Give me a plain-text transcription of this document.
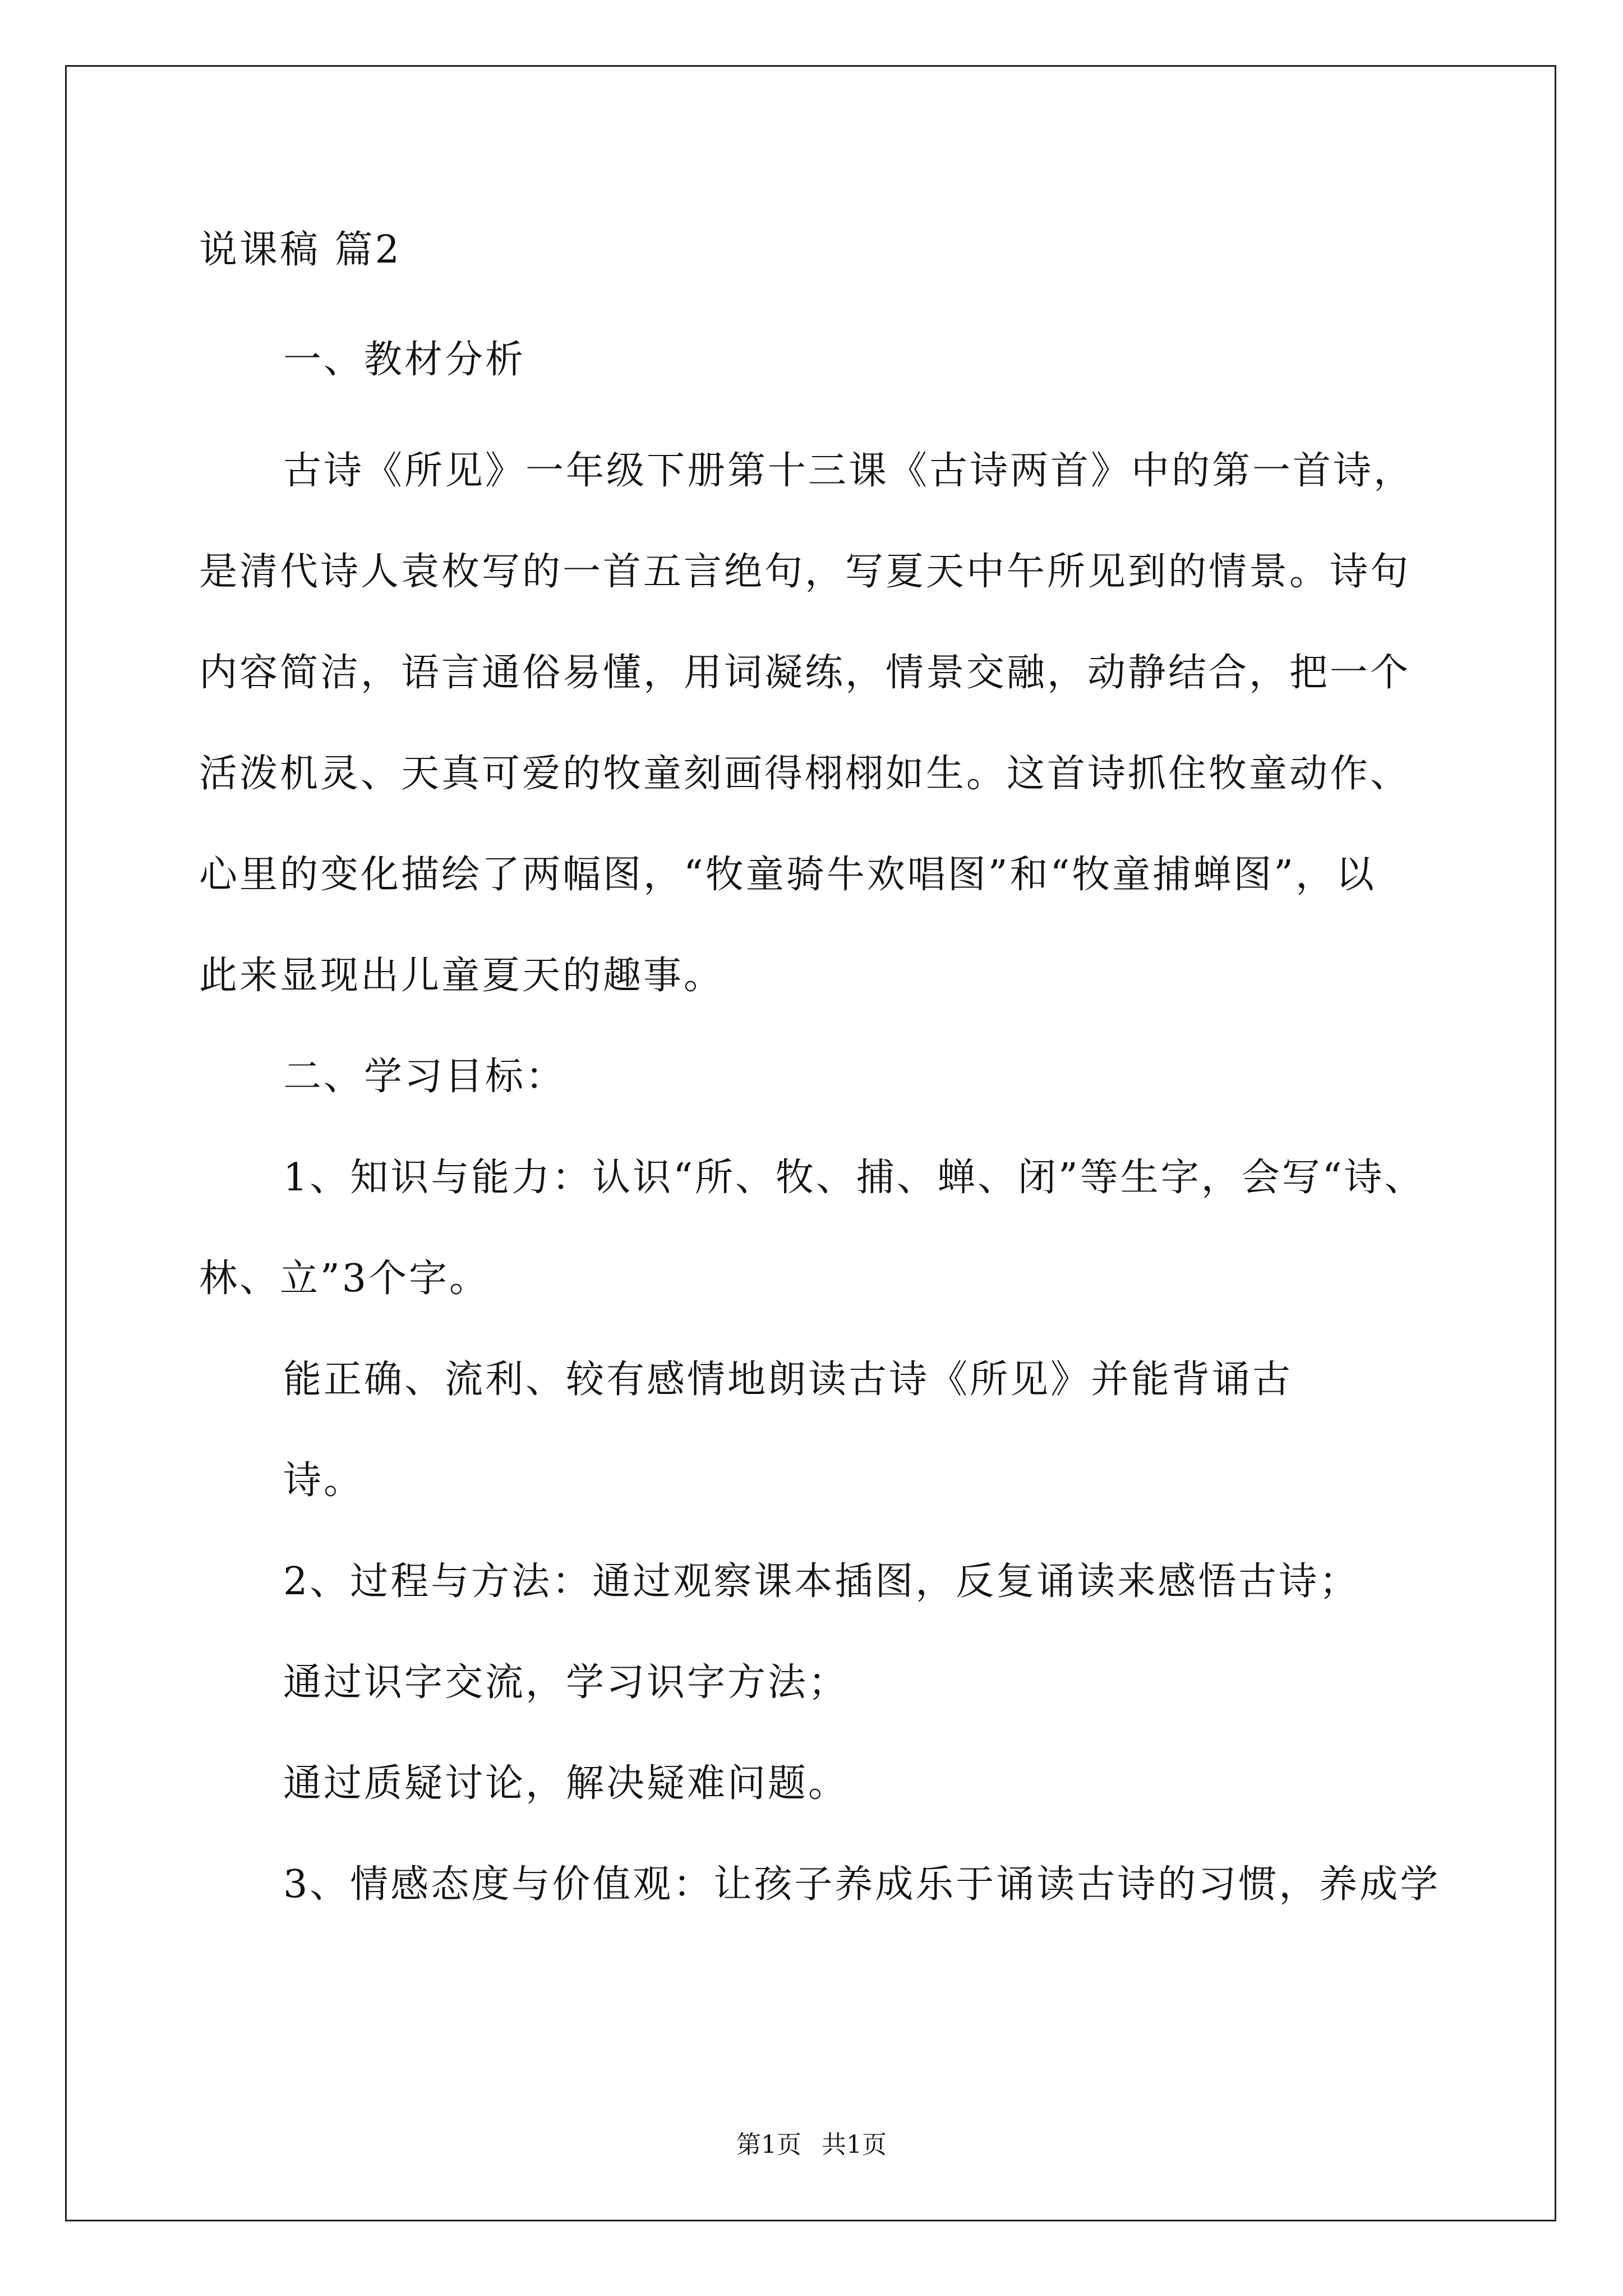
说课稿 篇2
一、教材分析
古诗《所见》一年级下册第十三课《古诗两首》中的第一首诗，
是清代诗人袁枚写的一首五言绝句，写夏天中午所见到的情景。诗句
内容简洁，语言通俗易懂，用词凝练，情景交融，动静结合，把一个
活泼机灵、天真可爱的牧童刻画得栩栩如生。这首诗抓住牧童动作、
心里的变化描绘了两幅图，“牧童骑牛欢唱图”和“牧童捕蝉图”，以
此来显现出儿童夏天的趣事。
二、学习目标：
1、知识与能力：认识“所、牧、捕、蝉、闭”等生字，会写“诗、
林、立”3个字。
能正确、流利、较有感情地朗读古诗《所见》并能背诵古
诗。
2、过程与方法：通过观察课本插图，反复诵读来感悟古诗；
通过识字交流，学习识字方法；
通过质疑讨论，解决疑难问题。
3、情感态度与价值观：让孩子养成乐于诵读古诗的习惯，养成学
第1页 共1页
